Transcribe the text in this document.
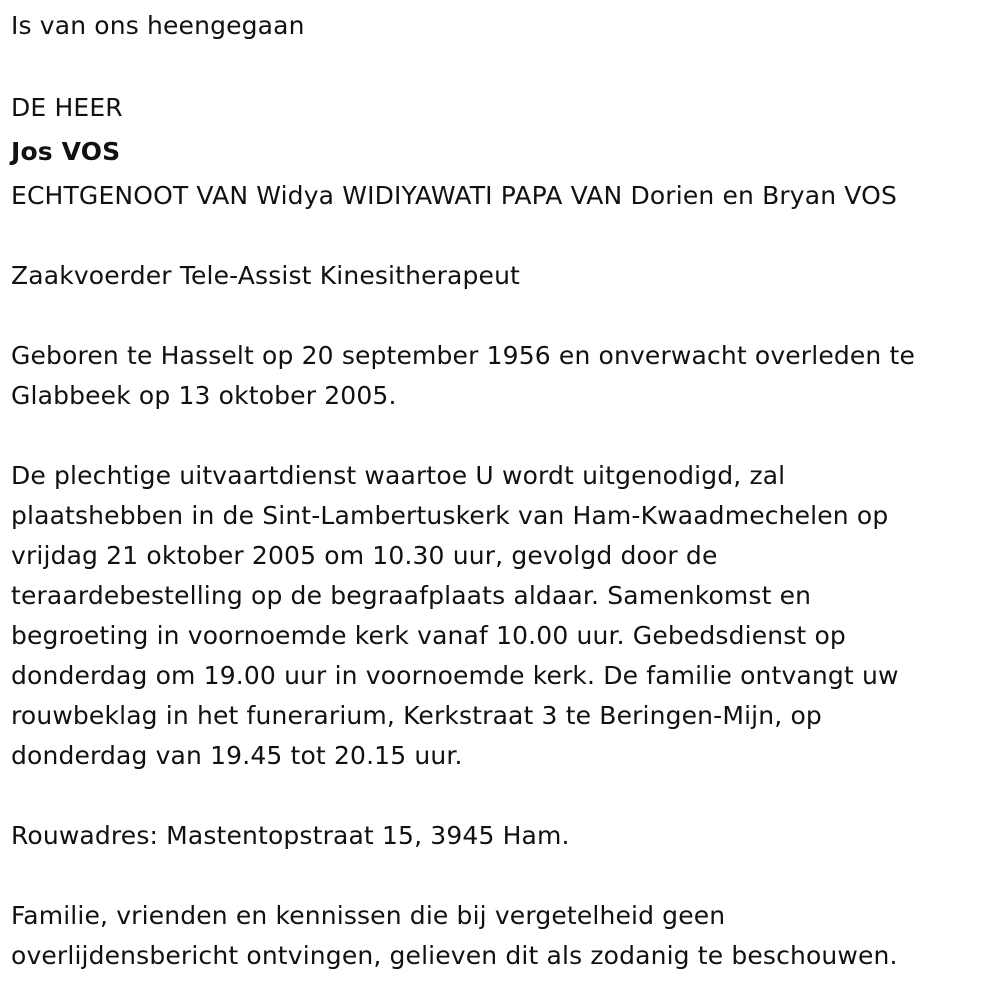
Is van ons heengegaan

DE HEER

Jos VOS

ECHTGENOOT VAN Widya WIDIYAWATI PAPA VAN Dorien en Bryan VOS

Zaakvoerder Tele-Assist Kinesitherapeut

Geboren te Hasselt op 20 september 1956 en onverwacht overleden te

Glabbeek op 13 oktober 2005.

De plechtige uitvaartdienst waartoe U wordt uitgenodigd, zal

plaatshebben in de Sint-Lambertuskerk van Ham-Kwaadmechelen op

vrijdag 21 oktober 2005 om 10.30 uur, gevolgd door de

teraardebestelling op de begraafplaats aldaar. Samenkomst en

begroeting in voornoemde kerk vanaf 10.00 uur. Gebedsdienst op

donderdag om 19.00 uur in voornoemde kerk. De familie ontvangt uw

rouwbeklag in het funerarium, Kerkstraat 3 te Beringen-Mijn, op

donderdag van 19.45 tot 20.15 uur.

Rouwadres: Mastentopstraat 15, 3945 Ham.

Familie, vrienden en kennissen die bij vergetelheid geen

overlijdensbericht ontvingen, gelieven dit als zodanig te beschouwen.
